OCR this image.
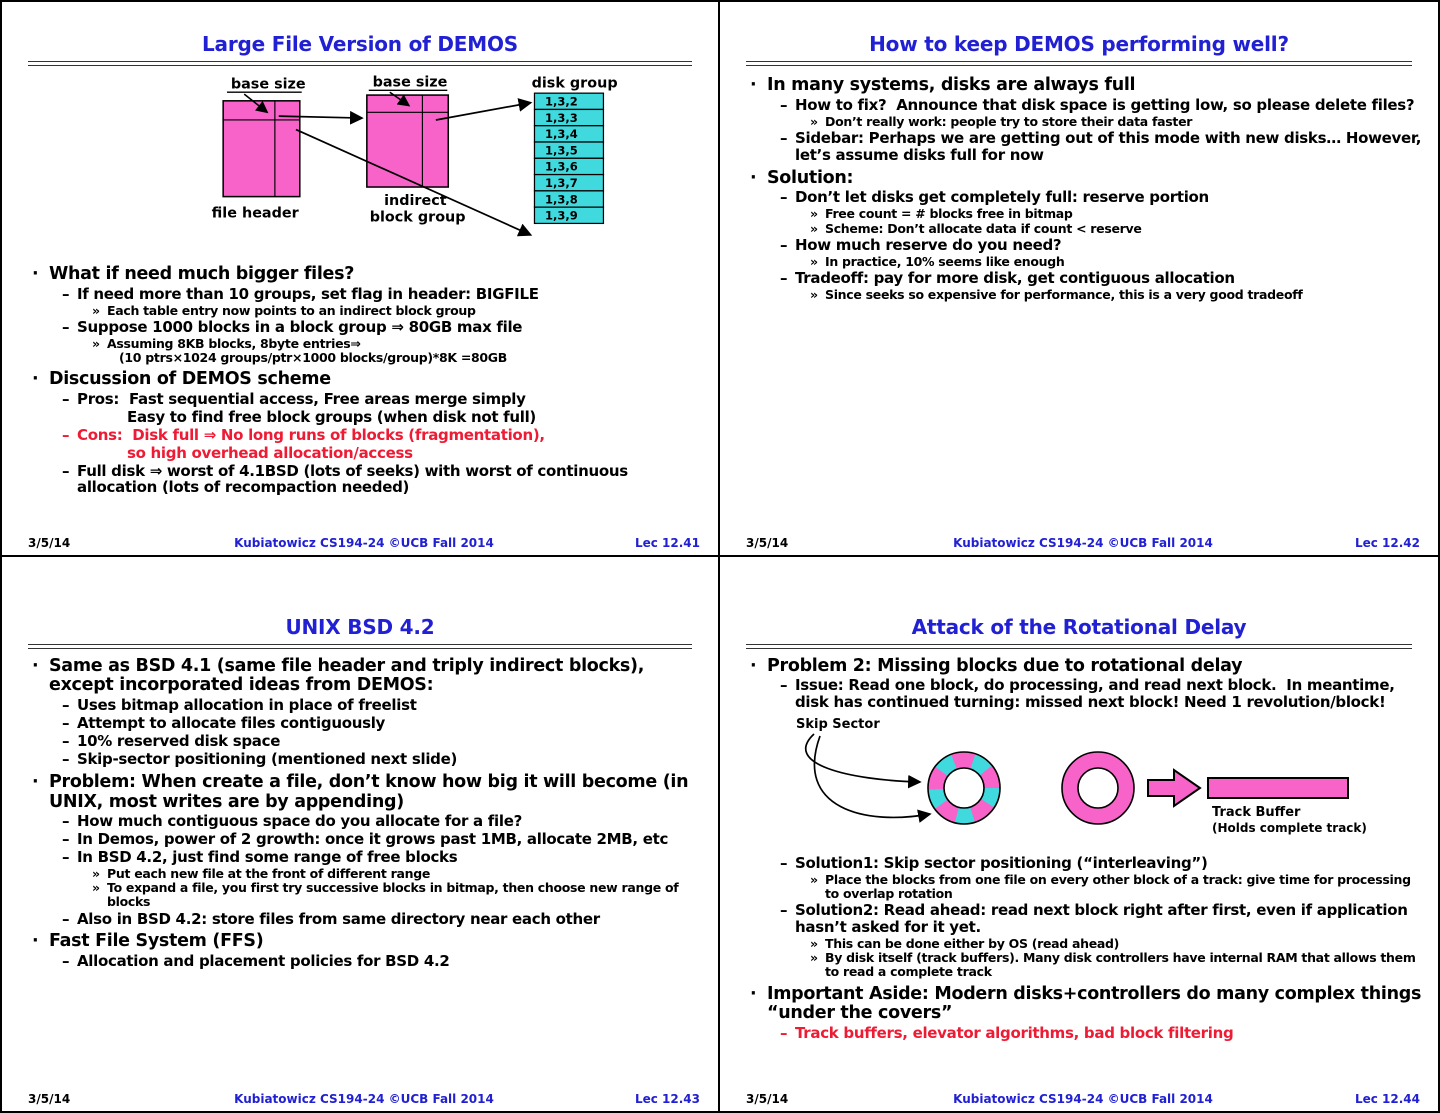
Large File Version of DEMOS
base size	base size	disk group
file header
indirect
block group
1,3,2
1,3,3
1,3,4
1,3,5
1,3,6
1,3,7
1,3,8
1,3,9
· What if need much bigger files?
– If need more than 10 groups, set flag in header: BIGFILE
» Each table entry now points to an indirect block group
– Suppose 1000 blocks in a block group ⇒ 80GB max file
» Assuming 8KB blocks, 8byte entries⇒
(10 ptrs×1024 groups/ptr×1000 blocks/group)*8K =80GB
· Discussion of DEMOS scheme
– Pros:  Fast sequential access, Free areas merge simply
Easy to find free block groups (when disk not full)
– Cons:  Disk full ⇒ No long runs of blocks (fragmentation),
so high overhead allocation/access
– Full disk ⇒ worst of 4.1BSD (lots of seeks) with worst of continuous allocation (lots of recompaction needed)
3/5/14	Kubiatowicz CS194-24 ©UCB Fall 2014	Lec 12.41
How to keep DEMOS performing well?
· In many systems, disks are always full
– How to fix?  Announce that disk space is getting low, so please delete files?
» Don’t really work: people try to store their data faster
– Sidebar: Perhaps we are getting out of this mode with new disks… However, let’s assume disks full for now
· Solution:
– Don’t let disks get completely full: reserve portion
» Free count = # blocks free in bitmap
» Scheme: Don’t allocate data if count < reserve
– How much reserve do you need?
» In practice, 10% seems like enough
– Tradeoff: pay for more disk, get contiguous allocation
» Since seeks so expensive for performance, this is a very good tradeoff
3/5/14	Kubiatowicz CS194-24 ©UCB Fall 2014	Lec 12.42
UNIX BSD 4.2
· Same as BSD 4.1 (same file header and triply indirect blocks), except incorporated ideas from DEMOS:
– Uses bitmap allocation in place of freelist
– Attempt to allocate files contiguously
– 10% reserved disk space
– Skip-sector positioning (mentioned next slide)
· Problem: When create a file, don’t know how big it will become (in UNIX, most writes are by appending)
– How much contiguous space do you allocate for a file?
– In Demos, power of 2 growth: once it grows past 1MB, allocate 2MB, etc
– In BSD 4.2, just find some range of free blocks
» Put each new file at the front of different range
» To expand a file, you first try successive blocks in bitmap, then choose new range of blocks
– Also in BSD 4.2: store files from same directory near each other
· Fast File System (FFS)
– Allocation and placement policies for BSD 4.2
3/5/14	Kubiatowicz CS194-24 ©UCB Fall 2014	Lec 12.43
Attack of the Rotational Delay
· Problem 2: Missing blocks due to rotational delay
– Issue: Read one block, do processing, and read next block.  In meantime, disk has continued turning: missed next block! Need 1 revolution/block!
Skip Sector
Track Buffer
(Holds complete track)
– Solution1: Skip sector positioning (“interleaving”)
» Place the blocks from one file on every other block of a track: give time for processing to overlap rotation
– Solution2: Read ahead: read next block right after first, even if application hasn’t asked for it yet.
» This can be done either by OS (read ahead)
» By disk itself (track buffers). Many disk controllers have internal RAM that allows them to read a complete track
· Important Aside: Modern disks+controllers do many complex things “under the covers”
– Track buffers, elevator algorithms, bad block filtering
3/5/14	Kubiatowicz CS194-24 ©UCB Fall 2014	Lec 12.44
